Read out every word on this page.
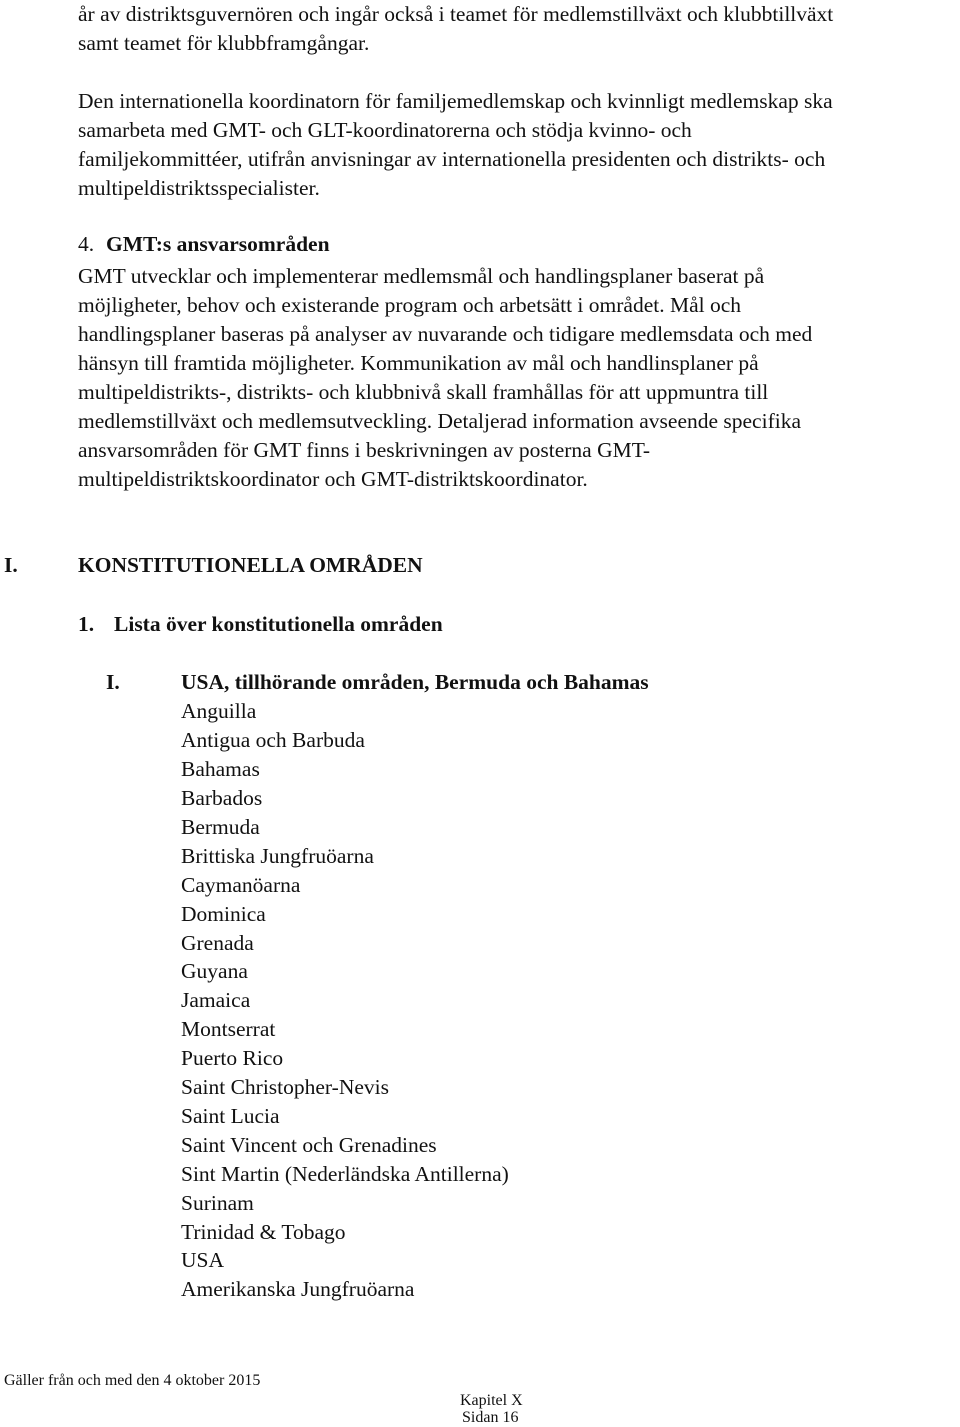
år av distriktsguvernören och ingår också i teamet för medlemstillväxt och klubbtillväxt

samt teamet för klubbframgångar.

Den internationella koordinatorn för familjemedlemskap och kvinnligt medlemskap ska

samarbeta med GMT- och GLT-koordinatorerna och stödja kvinno- och

familjekommittéer, utifrån anvisningar av internationella presidenten och distrikts- och

multipeldistriktsspecialister.

4. GMT:s ansvarsområden

GMT utvecklar och implementerar medlemsmål och handlingsplaner baserat på

möjligheter, behov och existerande program och arbetsätt i området. Mål och

handlingsplaner baseras på analyser av nuvarande och tidigare medlemsdata och med

hänsyn till framtida möjligheter. Kommunikation av mål och handlinsplaner på

multipeldistrikts-, distrikts- och klubbnivå skall framhållas för att uppmuntra till

medlemstillväxt och medlemsutveckling. Detaljerad information avseende specifika

ansvarsområden för GMT finns i beskrivningen av posterna GMT-

multipeldistriktskoordinator och GMT-distriktskoordinator.

I.	KONSTITUTIONELLA OMRÅDEN
1. Lista över konstitutionella områden
I.	USA, tillhörande områden, Bermuda och Bahamas
Anguilla
Antigua och Barbuda
Bahamas
Barbados
Bermuda
Brittiska Jungfruöarna
Caymanöarna
Dominica
Grenada
Guyana
Jamaica
Montserrat
Puerto Rico
Saint Christopher-Nevis
Saint Lucia
Saint Vincent och Grenadines
Sint Martin (Nederländska Antillerna)
Surinam
Trinidad & Tobago
USA
Amerikanska Jungfruöarna
Gäller från och med den 4 oktober 2015
Kapitel X
Sidan 16
